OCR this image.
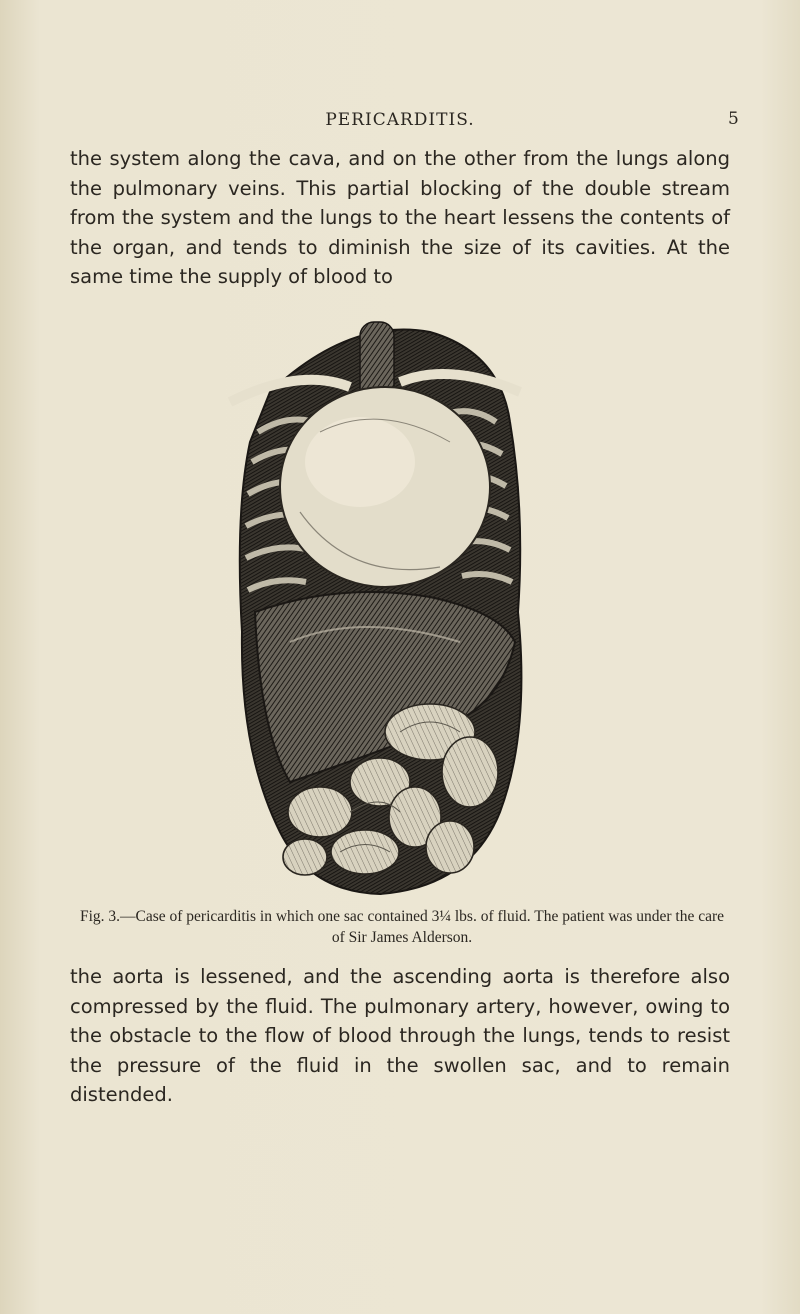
PERICARDITIS.	5

the system along the cava, and on the other from the lungs along the pulmonary veins. This partial blocking of the double stream from the system and the lungs to the heart lessens the contents of the organ, and tends to diminish the size of its cavities. At the same time the supply of blood to

Fig. 3.—Case of pericarditis in which one sac contained 3¼ lbs. of fluid. The patient was under the care of Sir James Alderson.

the aorta is lessened, and the ascending aorta is therefore also compressed by the fluid. The pulmonary artery, however, owing to the obstacle to the flow of blood through the lungs, tends to resist the pressure of the fluid in the swollen sac, and to remain distended.
